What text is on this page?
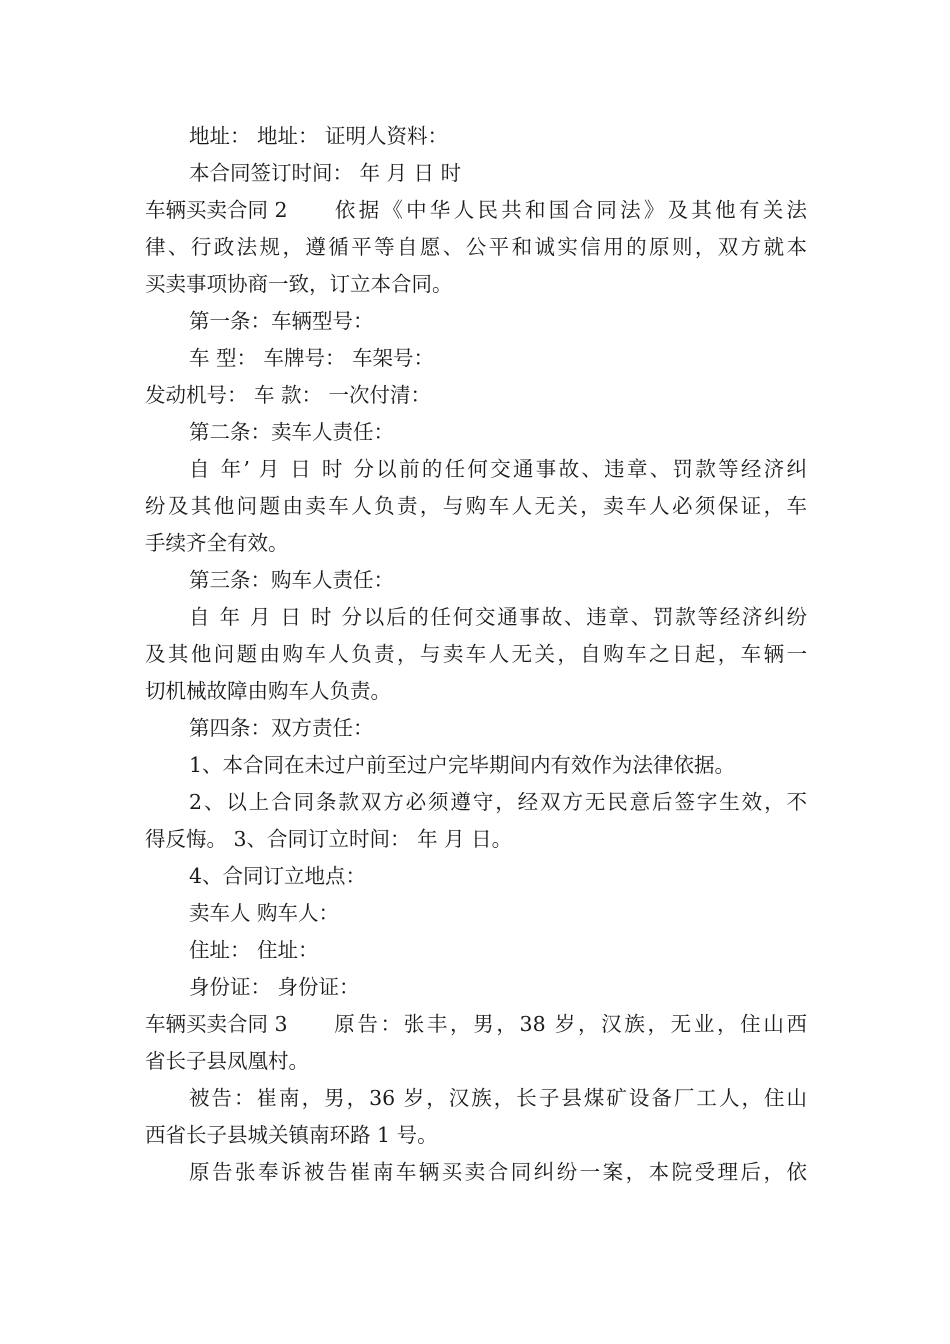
地址： 地址： 证明人资料：
本合同签订时间： 年 月 日 时
车辆买卖合同 2 依据《中华人民共和国合同法》及其他有关法
律、行政法规，遵循平等自愿、公平和诚实信用的原则，双方就本
买卖事项协商一致，订立本合同。
第一条：车辆型号：
车 型： 车牌号： 车架号：
发动机号： 车 款： 一次付清：
第二条：卖车人责任：
自 年’ 月 日 时 分以前的任何交通事故、违章、罚款等经济纠
纷及其他问题由卖车人负责，与购车人无关，卖车人必须保证，车
手续齐全有效。
第三条：购车人责任：
自 年 月 日 时 分以后的任何交通事故、违章、罚款等经济纠纷
及其他问题由购车人负责，与卖车人无关，自购车之日起，车辆一
切机械故障由购车人负责。
第四条：双方责任：
1、本合同在未过户前至过户完毕期间内有效作为法律依据。
2、以上合同条款双方必须遵守，经双方无民意后签字生效，不
得反悔。 3、合同订立时间： 年 月 日。
4、合同订立地点：
卖车人 购车人：
住址： 住址：
身份证： 身份证：
车辆买卖合同 3 原告：张丰，男，38 岁，汉族，无业，住山西
省长子县凤凰村。
被告：崔南，男，36 岁，汉族，长子县煤矿设备厂工人，住山
西省长子县城关镇南环路 1 号。
原告张奉诉被告崔南车辆买卖合同纠纷一案，本院受理后，依
